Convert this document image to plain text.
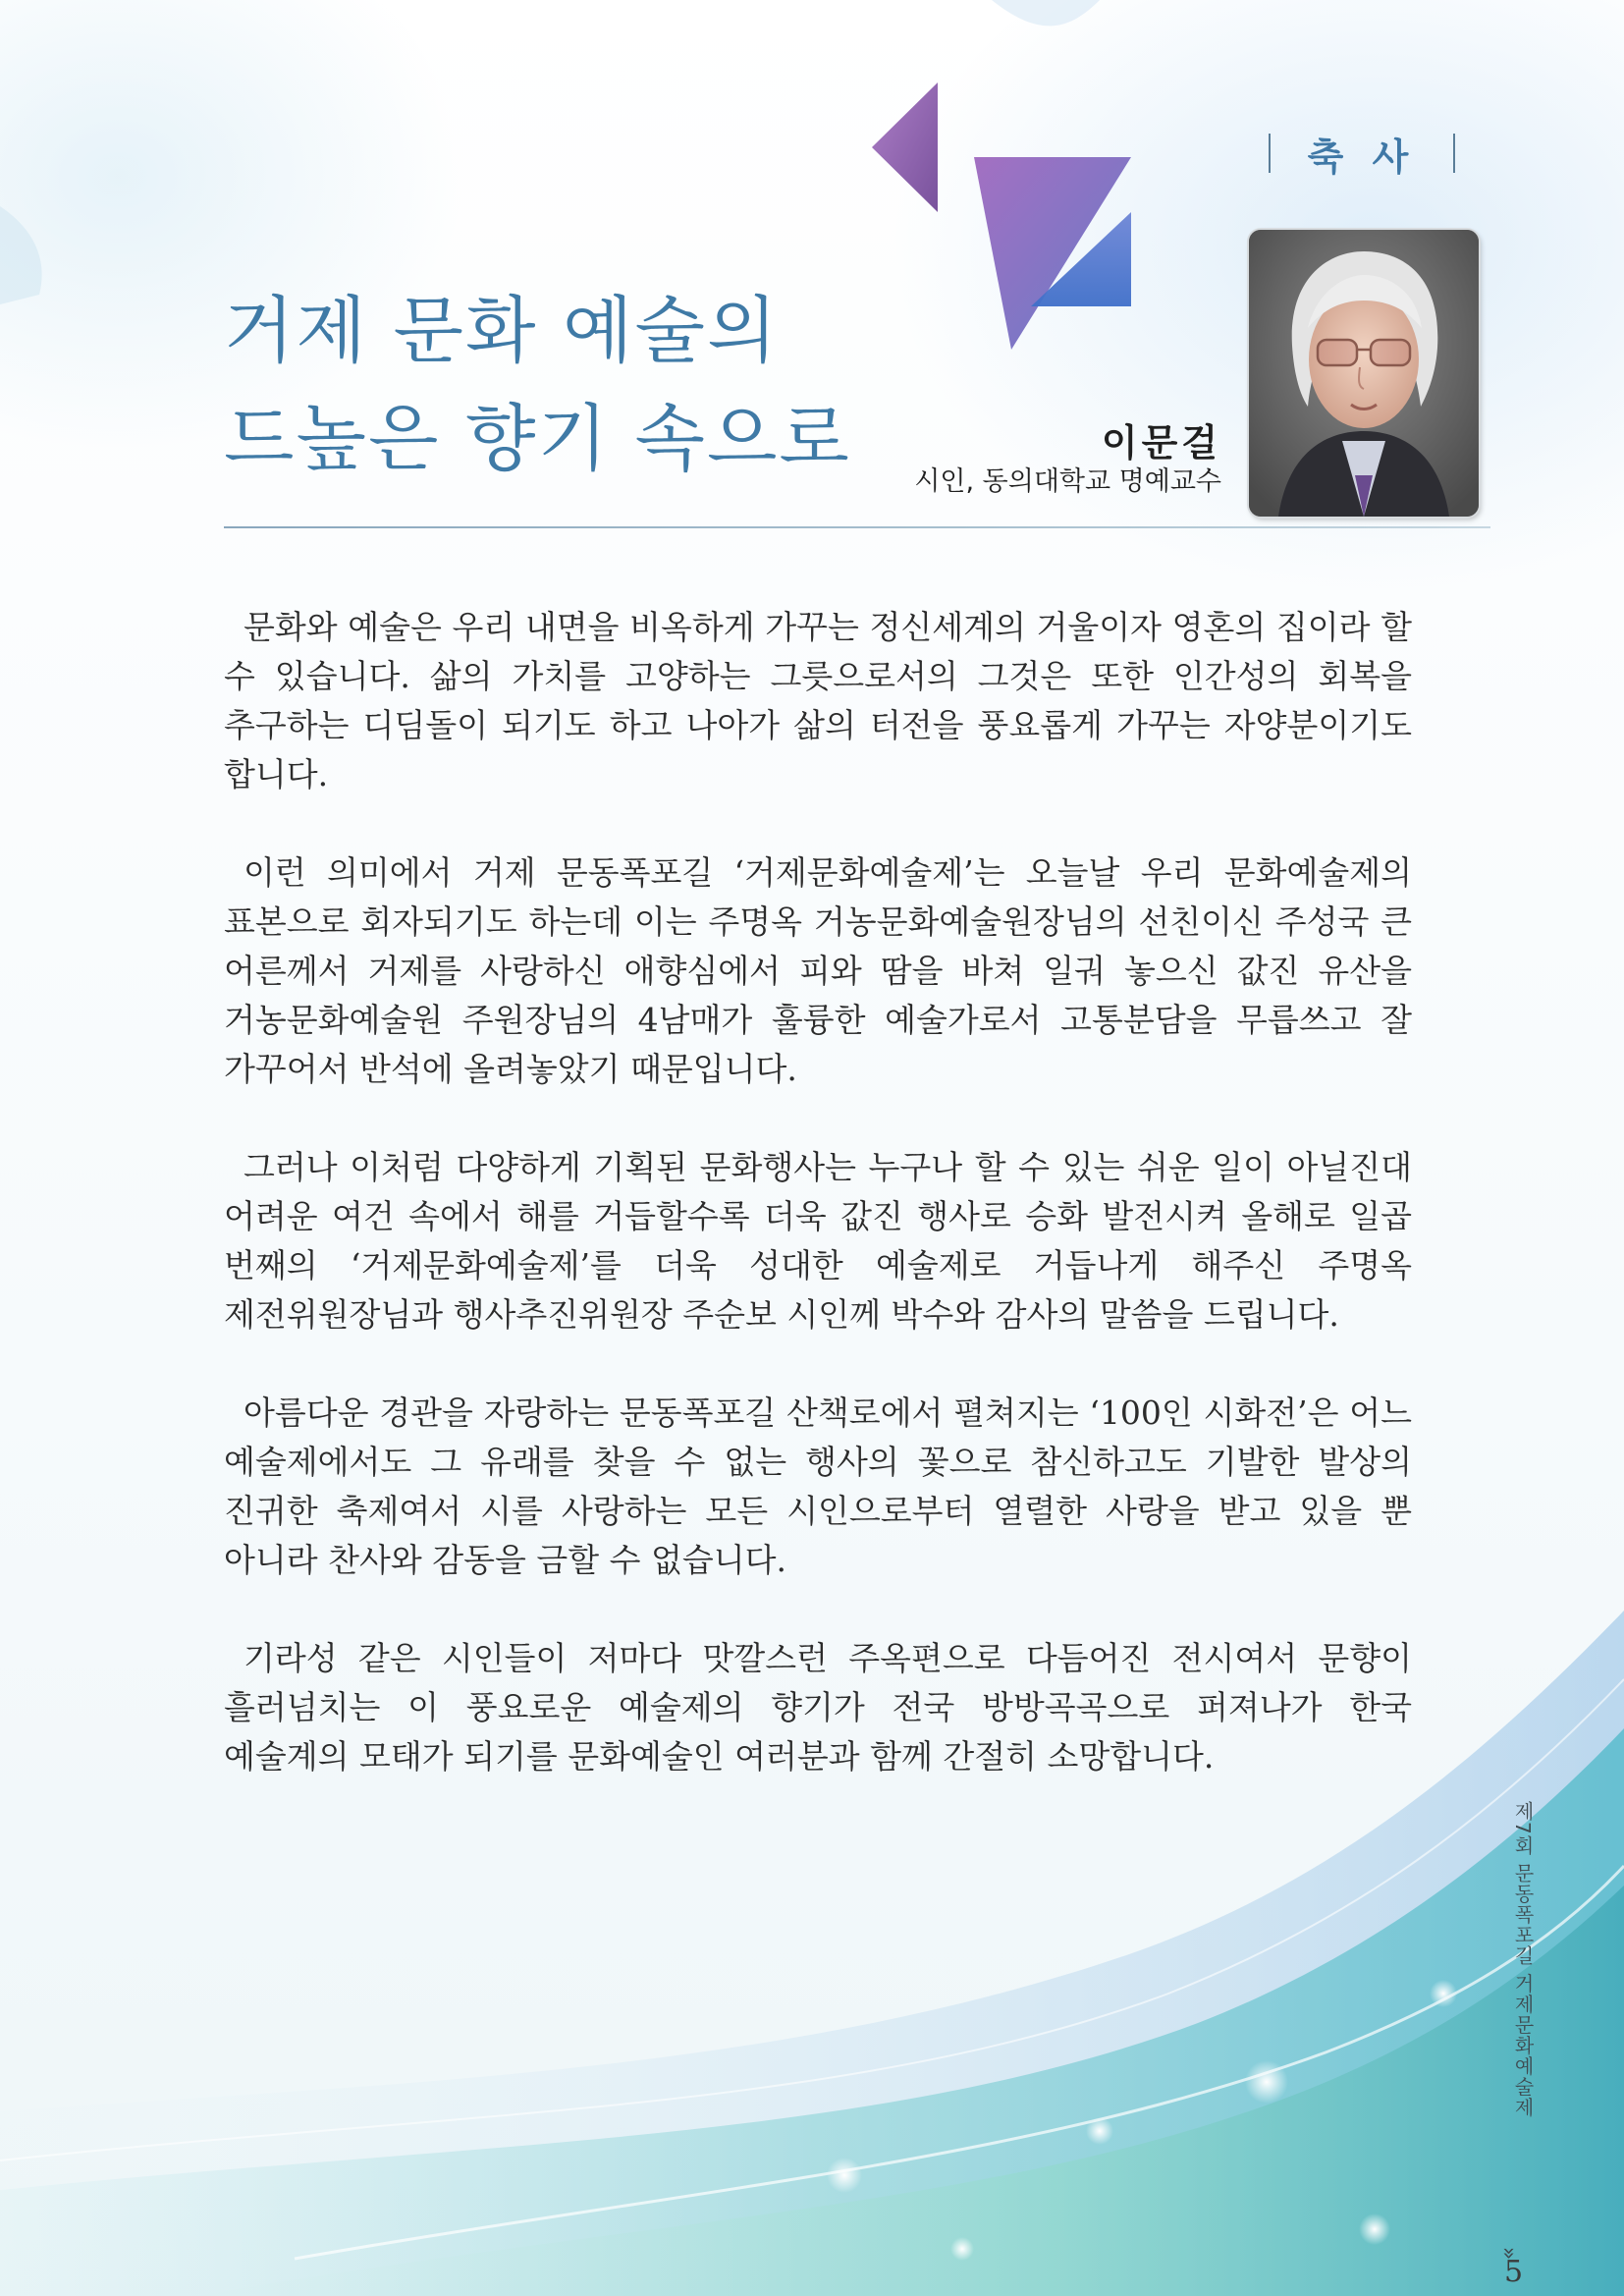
축 사
거제 문화 예술의
드높은 향기 속으로	이문걸
시인, 동의대학교 명예교수

문화와 예술은 우리 내면을 비옥하게 가꾸는 정신세계의 거울이자 영혼의 집이라 할 수 있습니다. 삶의 가치를 고양하는 그릇으로서의 그것은 또한 인간성의 회복을 추구하는 디딤돌이 되기도 하고 나아가 삶의 터전을 풍요롭게 가꾸는 자양분이기도 합니다.

이런 의미에서 거제 문동폭포길 ‘거제문화예술제’는 오늘날 우리 문화예술제의 표본으로 회자되기도 하는데 이는 주명옥 거농문화예술원장님의 선친이신 주성국 큰 어른께서 거제를 사랑하신 애향심에서 피와 땀을 바쳐 일궈 놓으신 값진 유산을 거농문화예술원 주원장님의 4남매가 훌륭한 예술가로서 고통분담을 무릅쓰고 잘 가꾸어서 반석에 올려놓았기 때문입니다.

그러나 이처럼 다양하게 기획된 문화행사는 누구나 할 수 있는 쉬운 일이 아닐진대 어려운 여건 속에서 해를 거듭할수록 더욱 값진 행사로 승화 발전시켜 올해로 일곱 번째의 ‘거제문화예술제’를 더욱 성대한 예술제로 거듭나게 해주신 주명옥 제전위원장님과 행사추진위원장 주순보 시인께 박수와 감사의 말씀을 드립니다.

아름다운 경관을 자랑하는 문동폭포길 산책로에서 펼쳐지는 ‘100인 시화전’은 어느 예술제에서도 그 유래를 찾을 수 없는 행사의 꽃으로 참신하고도 기발한 발상의 진귀한 축제여서 시를 사랑하는 모든 시인으로부터 열렬한 사랑을 받고 있을 뿐 아니라 찬사와 감동을 금할 수 없습니다.

기라성 같은 시인들이 저마다 맛깔스런 주옥편으로 다듬어진 전시여서 문향이 흘러넘치는 이 풍요로운 예술제의 향기가 전국 방방곡곡으로 퍼져나가 한국 예술계의 모태가 되기를 문화예술인 여러분과 함께 간절히 소망합니다.

제7회 문동폭포길 거제문화예술제
»
5
